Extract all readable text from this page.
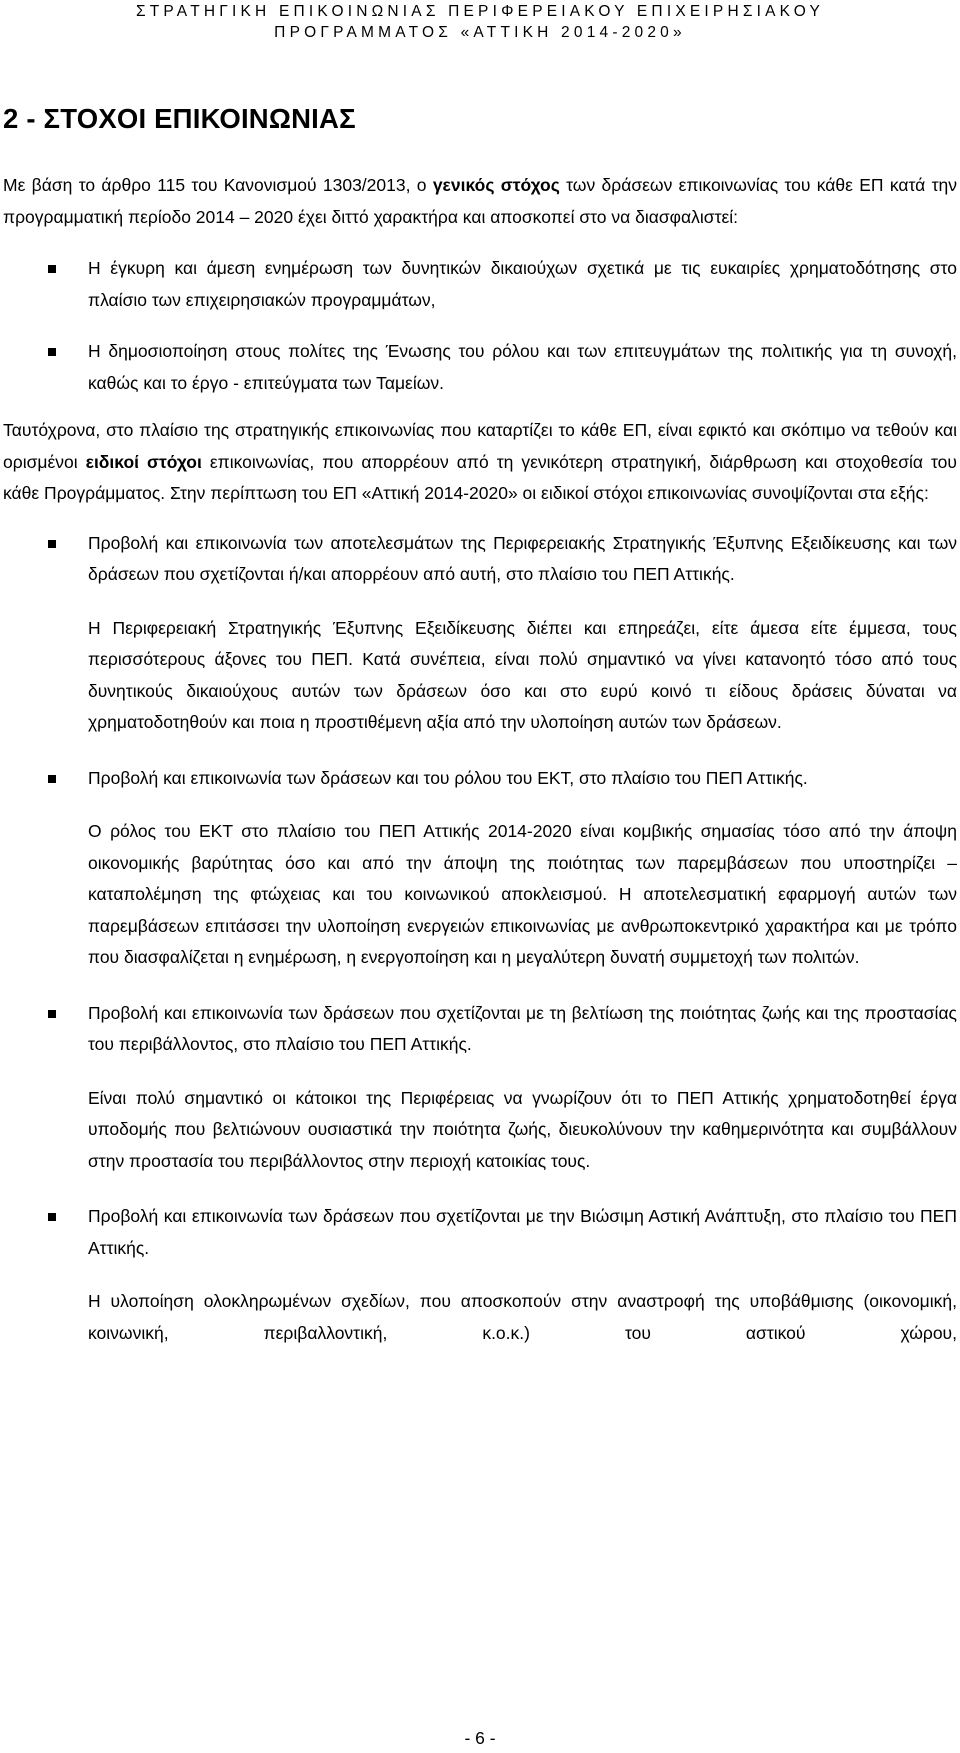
ΣΤΡΑΤΗΓΙΚΗ ΕΠΙΚΟΙΝΩΝΙΑΣ ΠΕΡΙΦΕΡΕΙΑΚΟΥ ΕΠΙΧΕΙΡΗΣΙΑΚΟΥ
ΠΡΟΓΡΑΜΜΑΤΟΣ «ΑΤΤΙΚΗ 2014-2020»
2 - ΣΤΟΧΟΙ ΕΠΙΚΟΙΝΩΝΙΑΣ

Με βάση το άρθρο 115 του Κανονισμού 1303/2013, ο γενικός στόχος των δράσεων επικοινωνίας του κάθε ΕΠ κατά την προγραμματική περίοδο 2014 – 2020 έχει διττό χαρακτήρα και αποσκοπεί στο να διασφαλιστεί:

Η έγκυρη και άμεση ενημέρωση των δυνητικών δικαιούχων σχετικά με τις ευκαιρίες χρηματοδότησης στο πλαίσιο των επιχειρησιακών προγραμμάτων,

Η δημοσιοποίηση στους πολίτες της Ένωσης του ρόλου και των επιτευγμάτων της πολιτικής για τη συνοχή, καθώς και το έργο - επιτεύγματα των Ταμείων.

Ταυτόχρονα, στο πλαίσιο της στρατηγικής επικοινωνίας που καταρτίζει το κάθε ΕΠ, είναι εφικτό και σκόπιμο να τεθούν και ορισμένοι ειδικοί στόχοι επικοινωνίας, που απορρέουν από τη γενικότερη στρατηγική, διάρθρωση και στοχοθεσία του κάθε Προγράμματος. Στην περίπτωση του ΕΠ «Αττική 2014-2020» οι ειδικοί στόχοι επικοινωνίας συνοψίζονται στα εξής:

Προβολή και επικοινωνία των αποτελεσμάτων της Περιφερειακής Στρατηγικής Έξυπνης Εξειδίκευσης και των δράσεων που σχετίζονται ή/και απορρέουν από αυτή, στο πλαίσιο του ΠΕΠ Αττικής.

Η Περιφερειακή Στρατηγικής Έξυπνης Εξειδίκευσης διέπει και επηρεάζει, είτε άμεσα είτε έμμεσα, τους περισσότερους άξονες του ΠΕΠ. Κατά συνέπεια, είναι πολύ σημαντικό να γίνει κατανοητό τόσο από τους δυνητικούς δικαιούχους αυτών των δράσεων όσο και στο ευρύ κοινό τι είδους δράσεις δύναται να χρηματοδοτηθούν και ποια η προστιθέμενη αξία από την υλοποίηση αυτών των δράσεων.

Προβολή και επικοινωνία των δράσεων και του ρόλου του ΕΚΤ, στο πλαίσιο του ΠΕΠ Αττικής.

Ο ρόλος του ΕΚΤ στο πλαίσιο του ΠΕΠ Αττικής 2014-2020 είναι κομβικής σημασίας τόσο από την άποψη οικονομικής βαρύτητας όσο και από την άποψη της ποιότητας των παρεμβάσεων που υποστηρίζει – καταπολέμηση της φτώχειας και του κοινωνικού αποκλεισμού. Η αποτελεσματική εφαρμογή αυτών των παρεμβάσεων επιτάσσει την υλοποίηση ενεργειών επικοινωνίας με ανθρωποκεντρικό χαρακτήρα και με τρόπο που διασφαλίζεται η ενημέρωση, η ενεργοποίηση και η μεγαλύτερη δυνατή συμμετοχή των πολιτών.

Προβολή και επικοινωνία των δράσεων που σχετίζονται με τη βελτίωση της ποιότητας ζωής και της προστασίας του περιβάλλοντος, στο πλαίσιο του ΠΕΠ Αττικής.

Είναι πολύ σημαντικό οι κάτοικοι της Περιφέρειας να γνωρίζουν ότι το ΠΕΠ Αττικής χρηματοδοτηθεί έργα υποδομής που βελτιώνουν ουσιαστικά την ποιότητα ζωής, διευκολύνουν την καθημερινότητα και συμβάλλουν στην προστασία του περιβάλλοντος στην περιοχή κατοικίας τους.

Προβολή και επικοινωνία των δράσεων που σχετίζονται με την Βιώσιμη Αστική Ανάπτυξη, στο πλαίσιο του ΠΕΠ Αττικής.

Η υλοποίηση ολοκληρωμένων σχεδίων, που αποσκοπούν στην αναστροφή της υποβάθμισης (οικονομική, κοινωνική, περιβαλλοντική, κ.ο.κ.) του αστικού χώρου,

- 6 -
